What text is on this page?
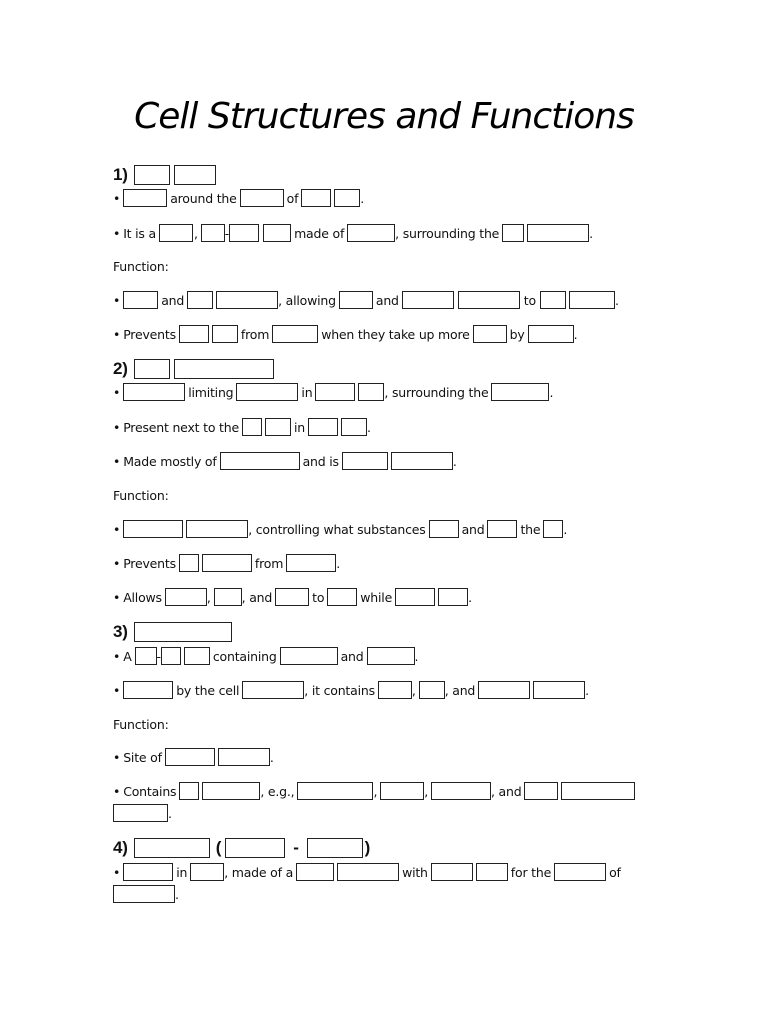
Cell Structures and Functions
1)
•	around the	of	.
• It is a	, -	made of	, surrounding the	.
Function:
•	and	, allowing	and	to	.
• Prevents	from	when they take up more	by	.
2)
•	limiting	in	, surrounding the	.
• Present next to the	in	.
• Made mostly of	and is	.
Function:
•	, controlling what substances	and	the .
• Prevents	from	.
• Allows	, , and	to	while	.
3)
• A -	containing	and	.
•	by the cell	, it contains	, , and	.
Function:
• Site of	.
• Contains	, e.g.,	,	,	, and
.
4)	(	-	)
•	in	, made of a	with	for the	of
.
